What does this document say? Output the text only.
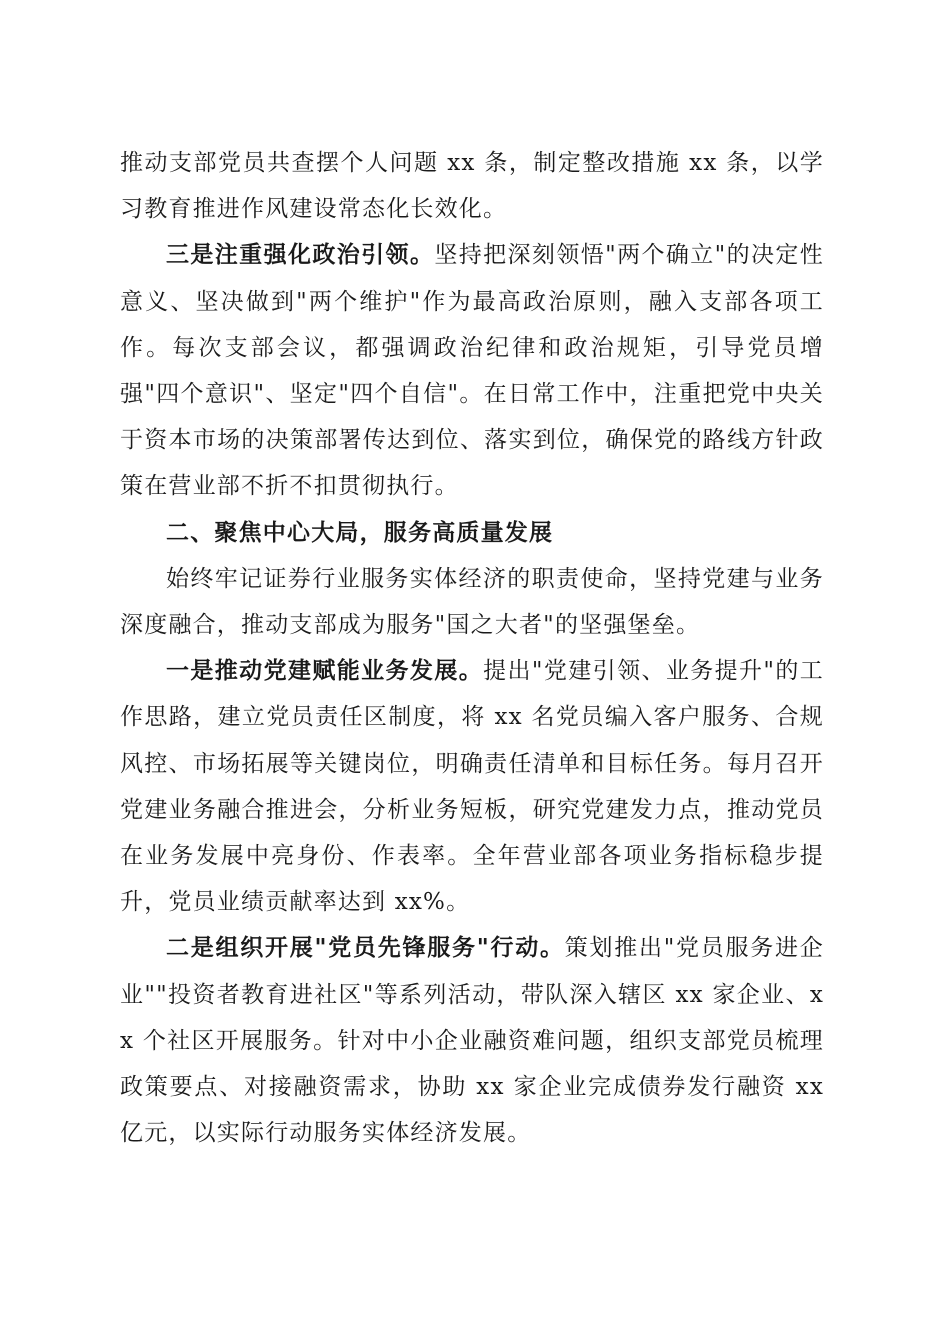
推动支部党员共查摆个人问题 xx 条，制定整改措施 xx 条，以学习教育推进作风建设常态化长效化。

三是注重强化政治引领。坚持把深刻领悟"两个确立"的决定性意义、坚决做到"两个维护"作为最高政治原则，融入支部各项工作。每次支部会议，都强调政治纪律和政治规矩，引导党员增强"四个意识"、坚定"四个自信"。在日常工作中，注重把党中央关于资本市场的决策部署传达到位、落实到位，确保党的路线方针政策在营业部不折不扣贯彻执行。

二、聚焦中心大局，服务高质量发展

始终牢记证券行业服务实体经济的职责使命，坚持党建与业务深度融合，推动支部成为服务"国之大者"的坚强堡垒。

一是推动党建赋能业务发展。提出"党建引领、业务提升"的工作思路，建立党员责任区制度，将 xx 名党员编入客户服务、合规风控、市场拓展等关键岗位，明确责任清单和目标任务。每月召开党建业务融合推进会，分析业务短板，研究党建发力点，推动党员在业务发展中亮身份、作表率。全年营业部各项业务指标稳步提升，党员业绩贡献率达到 xx%。

二是组织开展"党员先锋服务"行动。策划推出"党员服务进企业""投资者教育进社区"等系列活动，带队深入辖区 xx 家企业、xx 个社区开展服务。针对中小企业融资难问题，组织支部党员梳理政策要点、对接融资需求，协助 xx 家企业完成债券发行融资 xx 亿元，以实际行动服务实体经济发展。
